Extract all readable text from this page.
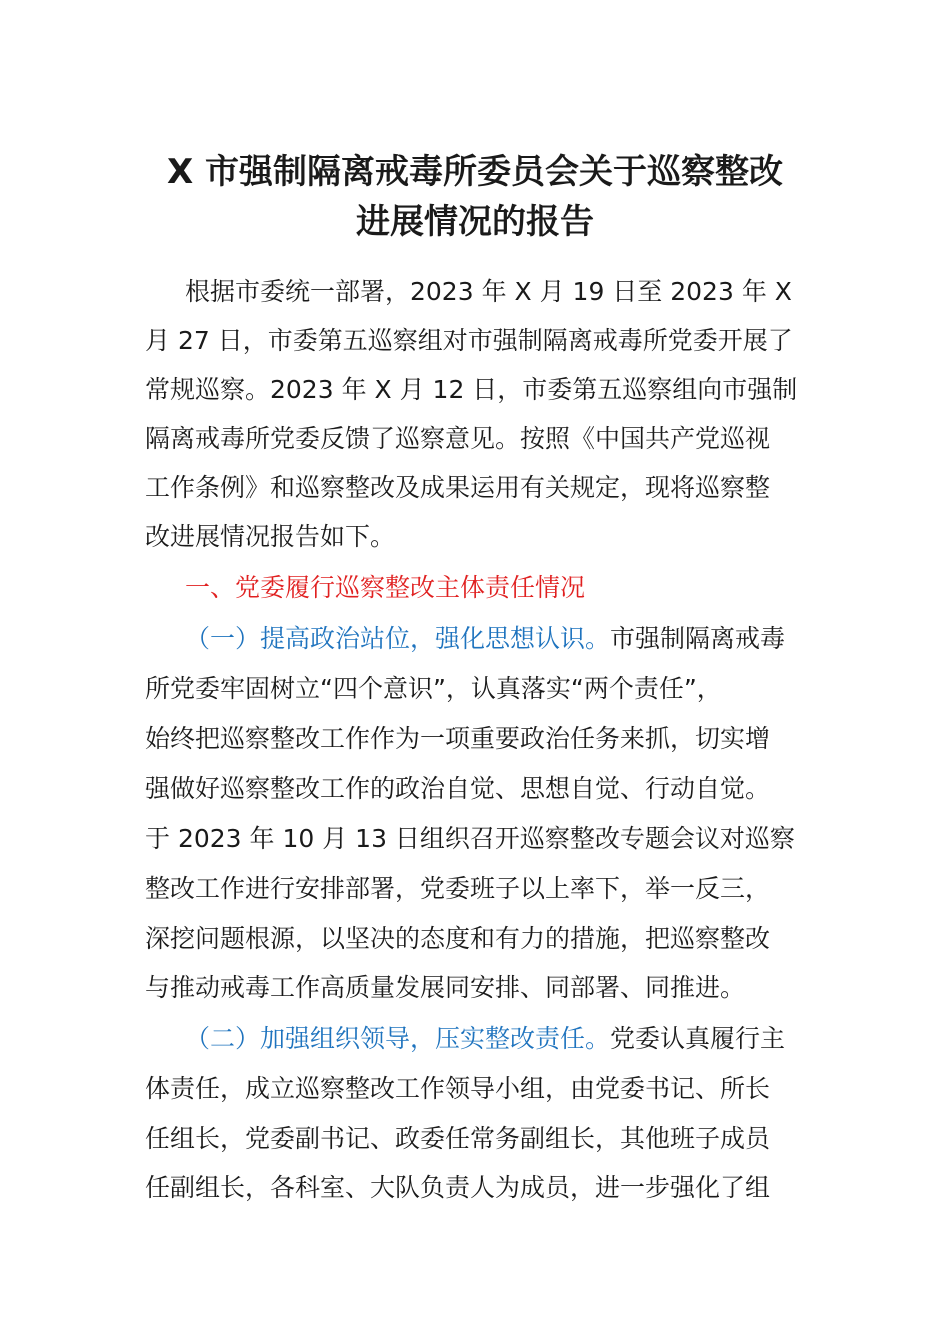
X 市强制隔离戒毒所委员会关于巡察整改
进展情况的报告
根据市委统一部署，2023 年 X 月 19 日至 2023 年 X
月 27 日，市委第五巡察组对市强制隔离戒毒所党委开展了
常规巡察。2023 年 X 月 12 日，市委第五巡察组向市强制
隔离戒毒所党委反馈了巡察意见。按照《中国共产党巡视
工作条例》和巡察整改及成果运用有关规定，现将巡察整
改进展情况报告如下。
一、党委履行巡察整改主体责任情况
（一）提高政治站位，强化思想认识。市强制隔离戒毒
所党委牢固树立“四个意识”，认真落实“两个责任”，
始终把巡察整改工作作为一项重要政治任务来抓，切实增
强做好巡察整改工作的政治自觉、思想自觉、行动自觉。
于 2023 年 10 月 13 日组织召开巡察整改专题会议对巡察
整改工作进行安排部署，党委班子以上率下，举一反三，
深挖问题根源，以坚决的态度和有力的措施，把巡察整改
与推动戒毒工作高质量发展同安排、同部署、同推进。
（二）加强组织领导，压实整改责任。党委认真履行主
体责任，成立巡察整改工作领导小组，由党委书记、所长
任组长，党委副书记、政委任常务副组长，其他班子成员
任副组长，各科室、大队负责人为成员，进一步强化了组
